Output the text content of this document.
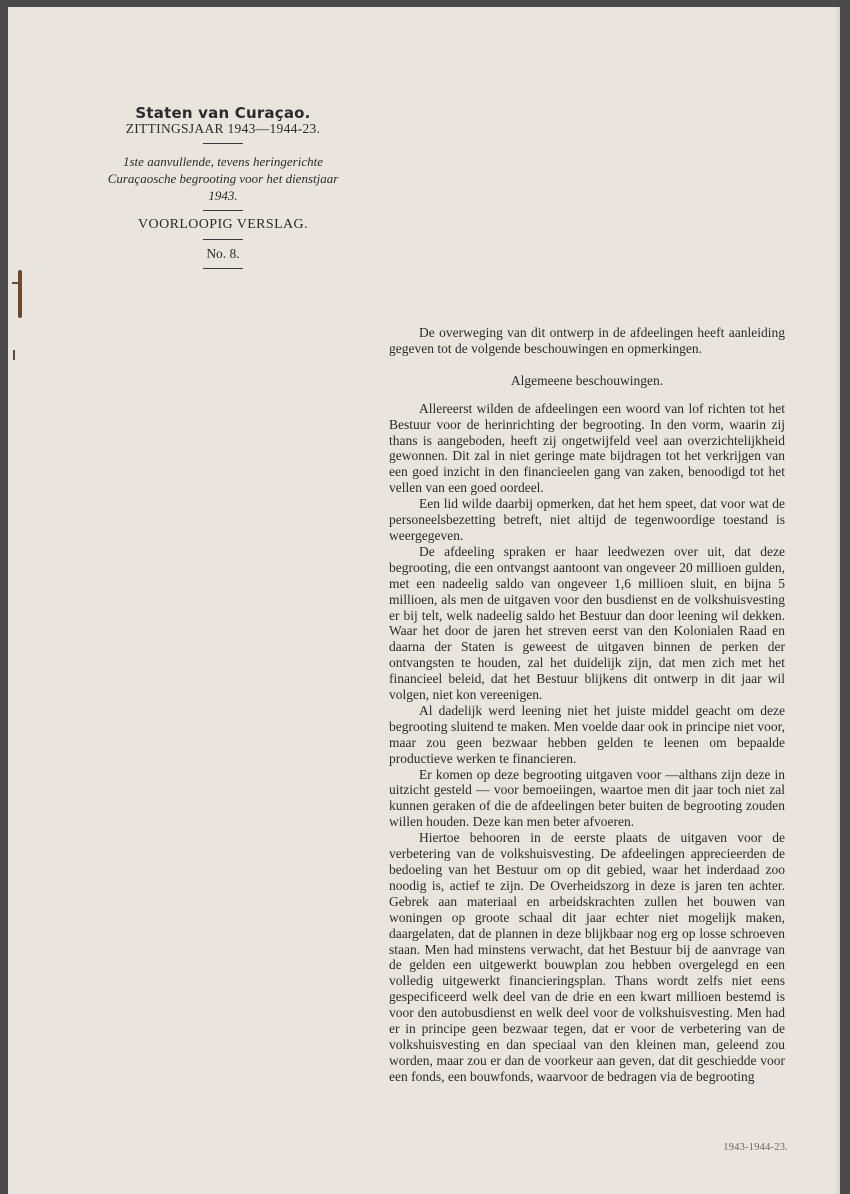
Staten van Curaçao.
ZITTINGSJAAR 1943—1944-23.
1ste aanvullende, tevens heringerichte Curaçaosche begrooting voor het dienstjaar 1943.
VOORLOOPIG VERSLAG.
No. 8.

De overweging van dit ontwerp in de afdeelingen heeft aanleiding gegeven tot de volgende beschouwingen en opmerkingen.

Algemeene beschouwingen.

Allereerst wilden de afdeelingen een woord van lof richten tot het Bestuur voor de herinrichting der begrooting. In den vorm, waarin zij thans is aangeboden, heeft zij ongetwijfeld veel aan overzichtelijkheid gewonnen. Dit zal in niet geringe mate bijdragen tot het verkrijgen van een goed inzicht in den financieelen gang van zaken, benoodigd tot het vellen van een goed oordeel.

Een lid wilde daarbij opmerken, dat het hem speet, dat voor wat de personeelsbezetting betreft, niet altijd de tegenwoordige toestand is weergegeven.

De afdeeling spraken er haar leedwezen over uit, dat deze begrooting, die een ontvangst aantoont van ongeveer 20 millioen gulden, met een nadeelig saldo van ongeveer 1,6 millioen sluit, en bijna 5 millioen, als men de uitgaven voor den busdienst en de volkshuisvesting er bij telt, welk nadeelig saldo het Bestuur dan door leening wil dekken. Waar het door de jaren het streven eerst van den Kolonialen Raad en daarna der Staten is geweest de uitgaven binnen de perken der ontvangsten te houden, zal het duidelijk zijn, dat men zich met het financieel beleid, dat het Bestuur blijkens dit ontwerp in dit jaar wil volgen, niet kon vereenigen.

Al dadelijk werd leening niet het juiste middel geacht om deze begrooting sluitend te maken. Men voelde daar ook in principe niet voor, maar zou geen bezwaar hebben gelden te leenen om bepaalde productieve werken te financieren.

Er komen op deze begrooting uitgaven voor —althans zijn deze in uitzicht gesteld — voor bemoeiingen, waartoe men dit jaar toch niet zal kunnen geraken of die de afdeelingen beter buiten de begrooting zouden willen houden. Deze kan men beter afvoeren.

Hiertoe behooren in de eerste plaats de uitgaven voor de verbetering van de volkshuisvesting. De afdeelingen apprecieerden de bedoeling van het Bestuur om op dit gebied, waar het inderdaad zoo noodig is, actief te zijn. De Overheidszorg in deze is jaren ten achter. Gebrek aan materiaal en arbeidskrachten zullen het bouwen van woningen op groote schaal dit jaar echter niet mogelijk maken, daargelaten, dat de plannen in deze blijkbaar nog erg op losse schroeven staan. Men had minstens verwacht, dat het Bestuur bij de aanvrage van de gelden een uitgewerkt bouwplan zou hebben overgelegd en een volledig uitgewerkt financieringsplan. Thans wordt zelfs niet eens gespecificeerd welk deel van de drie en een kwart millioen bestemd is voor den autobusdienst en welk deel voor de volkshuisvesting. Men had er in principe geen bezwaar tegen, dat er voor de verbetering van de volkshuisvesting en dan speciaal van den kleinen man, geleend zou worden, maar zou er dan de voorkeur aan geven, dat dit geschiedde voor een fonds, een bouwfonds, waarvoor de bedragen via de begrooting

1943-1944-23.
